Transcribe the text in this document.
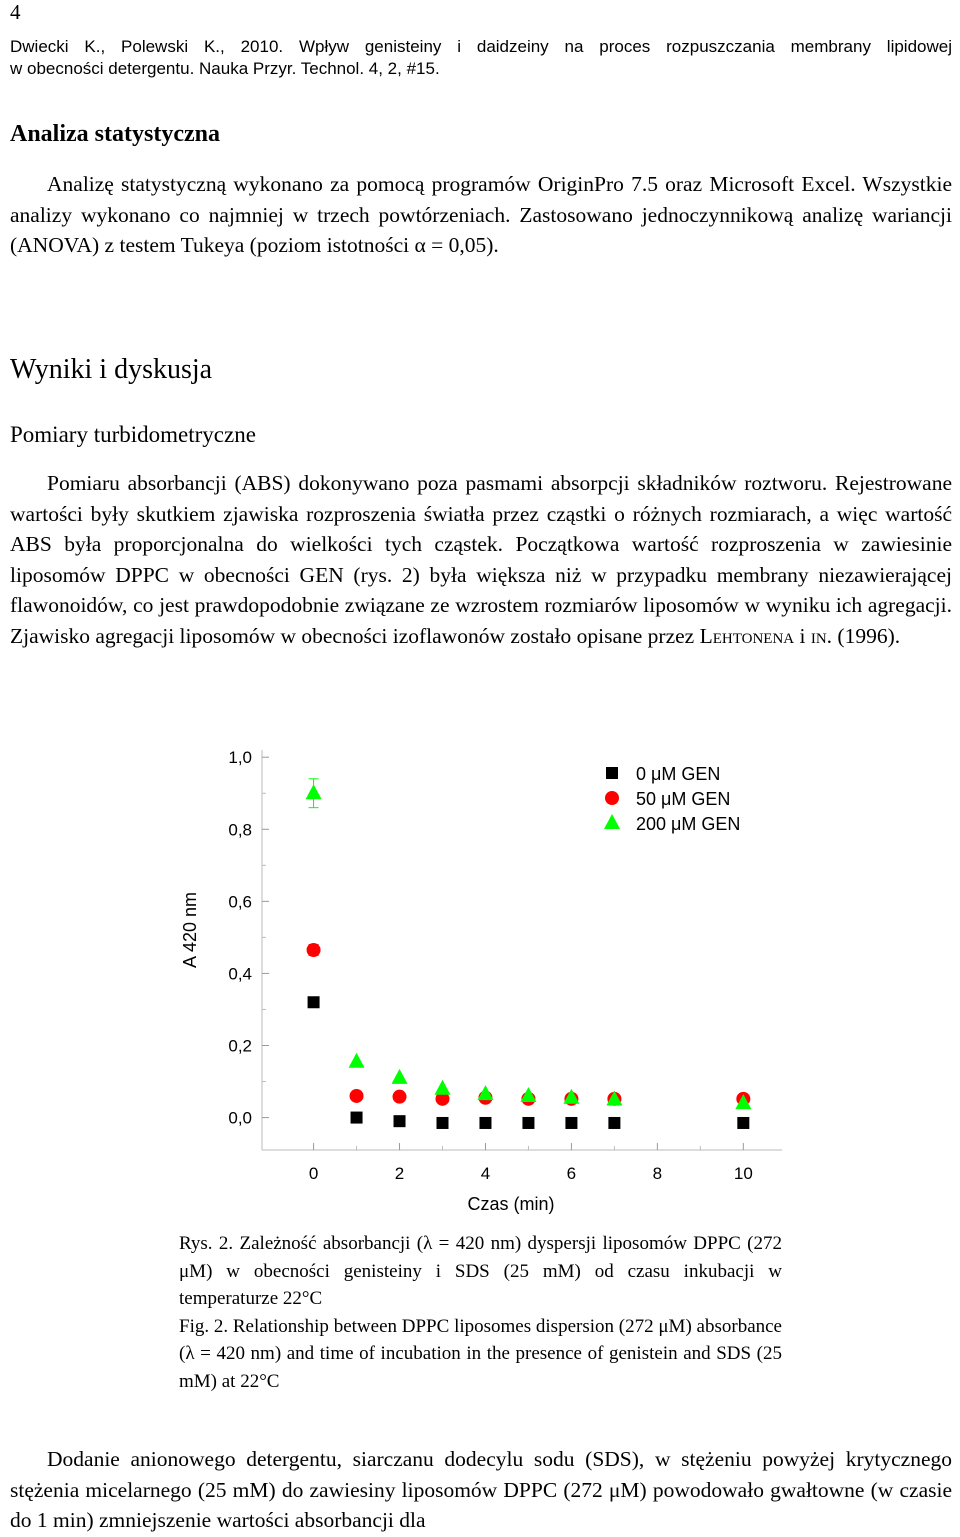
4
Dwiecki K., Polewski K., 2010. Wpływ genisteiny i daidzeiny na proces rozpuszczania membrany lipidowej
w obecności detergentu. Nauka Przyr. Technol. 4, 2, #15.
Analiza statystyczna

Analizę statystyczną wykonano za pomocą programów OriginPro 7.5 oraz Microsoft Excel. Wszystkie analizy wykonano co najmniej w trzech powtórzeniach. Zastosowano jednoczynnikową analizę wariancji (ANOVA) z testem Tukeya (poziom istotności α = 0,05).

Wyniki i dyskusja
Pomiary turbidometryczne

Pomiaru absorbancji (ABS) dokonywano poza pasmami absorpcji składników roztworu. Rejestrowane wartości były skutkiem zjawiska rozproszenia światła przez cząstki o różnych rozmiarach, a więc wartość ABS była proporcjonalna do wielkości tych cząstek. Początkowa wartość rozproszenia w zawiesinie liposomów DPPC w obecności GEN (rys. 2) była większa niż w przypadku membrany niezawierającej flawonoidów, co jest prawdopodobnie związane ze wzrostem rozmiarów liposomów w wyniku ich agregacji. Zjawisko agregacji liposomów w obecności izoflawonów zostało opisane przez Lehtonena i in. (1996).

0,0
0,2
0,4
0,6
0,8
1,0
0	2	4	6	8	10
0 μM GEN
50 μM GEN
200 μM GEN
Czas (min)
A 420 nm

Rys. 2. Zależność absorbancji (λ = 420 nm) dyspersji liposomów DPPC (272 μM) w obecności genisteiny i SDS (25 mM) od czasu inkubacji w temperaturze 22°C
Fig. 2. Relationship between DPPC liposomes dispersion (272 μM) absorbance (λ = 420 nm) and time of incubation in the presence of genistein and SDS (25 mM) at 22°C

Dodanie anionowego detergentu, siarczanu dodecylu sodu (SDS), w stężeniu powyżej krytycznego stężenia micelarnego (25 mM) do zawiesiny liposomów DPPC (272 μM) powodowało gwałtowne (w czasie do 1 min) zmniejszenie wartości absorbancji dla
